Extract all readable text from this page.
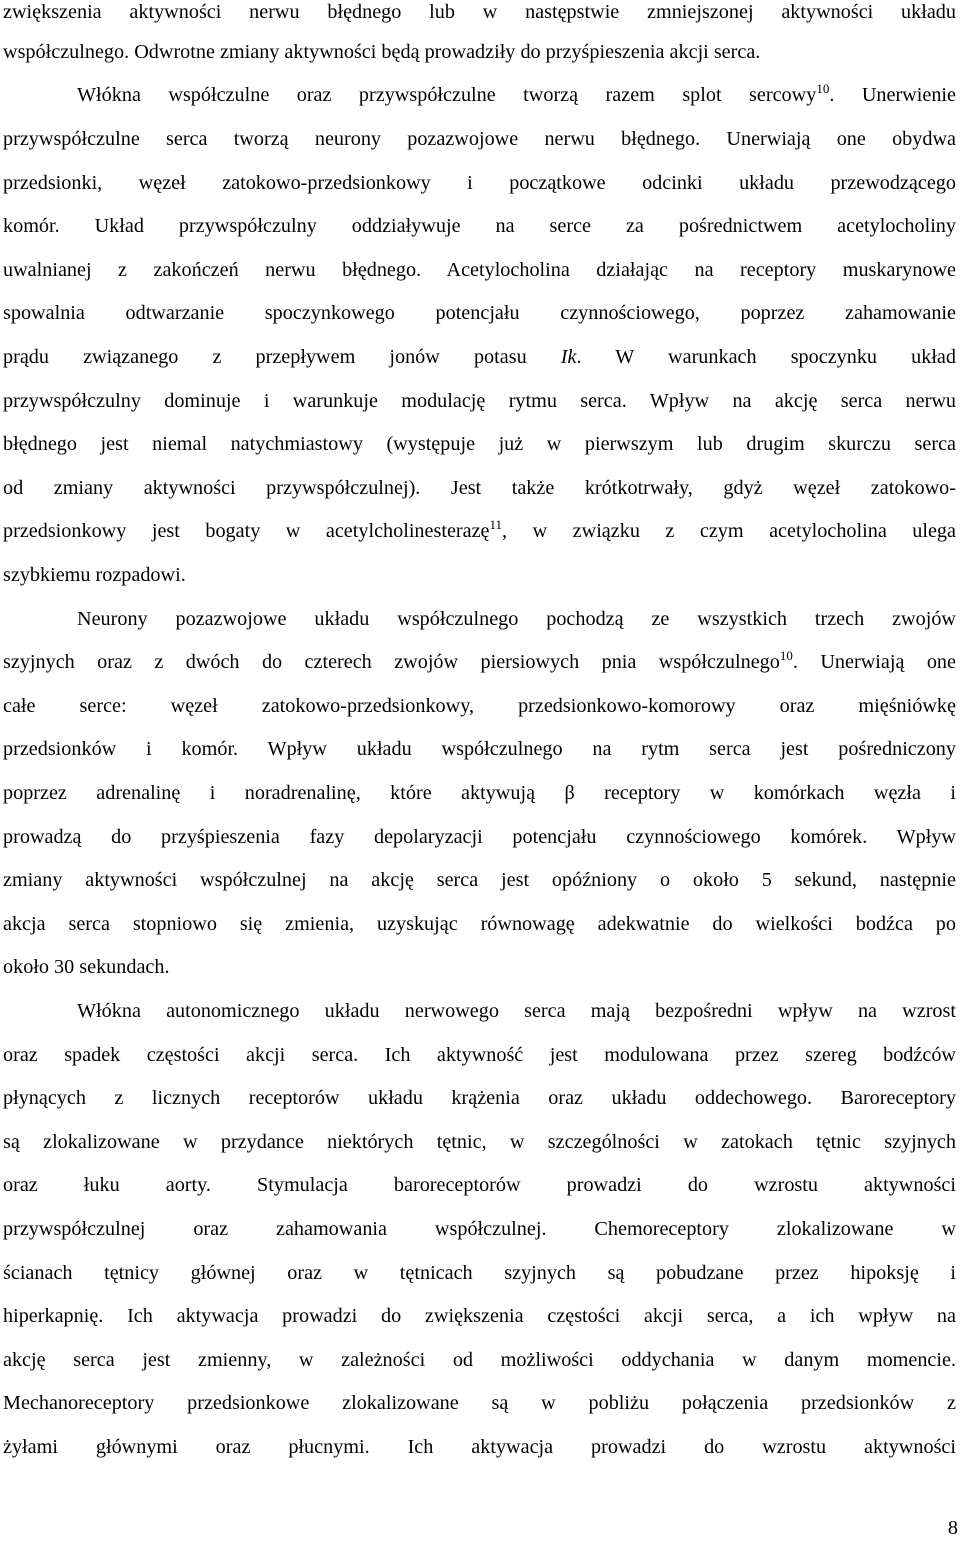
zwiększenia aktywności nerwu błędnego lub w następstwie zmniejszonej aktywności układu
współczulnego. Odwrotne zmiany aktywności będą prowadziły do przyśpieszenia akcji serca.
Włókna współczulne oraz przywspółczulne tworzą razem splot sercowy$^{10}$. Unerwienie
przywspółczulne serca tworzą neurony pozazwojowe nerwu błędnego. Unerwiają one obydwa
przedsionki, węzeł zatokowo-przedsionkowy i początkowe odcinki układu przewodzącego
komór. Układ przywspółczulny oddziaływuje na serce za pośrednictwem acetylocholiny
uwalnianej z zakończeń nerwu błędnego. Acetylocholina działając na receptory muskarynowe
spowalnia odtwarzanie spoczynkowego potencjału czynnościowego, poprzez zahamowanie
prądu związanego z przepływem jonów potasu Ik. W warunkach spoczynku układ
przywspółczulny dominuje i warunkuje modulację rytmu serca. Wpływ na akcję serca nerwu
błędnego jest niemal natychmiastowy (występuje już w pierwszym lub drugim skurczu serca
od zmiany aktywności przywspółczulnej). Jest także krótkotrwały, gdyż węzeł zatokowo-
przedsionkowy jest bogaty w acetylcholinesterazę$^{11}$, w związku z czym acetylocholina ulega
szybkiemu rozpadowi.
Neurony pozazwojowe układu współczulnego pochodzą ze wszystkich trzech zwojów
szyjnych oraz z dwóch do czterech zwojów piersiowych pnia współczulnego$^{10}$. Unerwiają one
całe serce: węzeł zatokowo-przedsionkowy, przedsionkowo-komorowy oraz mięśniówkę
przedsionków i komór. Wpływ układu współczulnego na rytm serca jest pośredniczony
poprzez adrenalinę i noradrenalinę, które aktywują β receptory w komórkach węzła i
prowadzą do przyśpieszenia fazy depolaryzacji potencjału czynnościowego komórek. Wpływ
zmiany aktywności współczulnej na akcję serca jest opóźniony o około 5 sekund, następnie
akcja serca stopniowo się zmienia, uzyskując równowagę adekwatnie do wielkości bodźca po
około 30 sekundach.
Włókna autonomicznego układu nerwowego serca mają bezpośredni wpływ na wzrost
oraz spadek częstości akcji serca. Ich aktywność jest modulowana przez szereg bodźców
płynących z licznych receptorów układu krążenia oraz układu oddechowego. Baroreceptory
są zlokalizowane w przydance niektórych tętnic, w szczególności w zatokach tętnic szyjnych
oraz łuku aorty. Stymulacja baroreceptorów prowadzi do wzrostu aktywności
przywspółczulnej oraz zahamowania współczulnej. Chemoreceptory zlokalizowane w
ścianach tętnicy głównej oraz w tętnicach szyjnych są pobudzane przez hipoksję i
hiperkapnię. Ich aktywacja prowadzi do zwiększenia częstości akcji serca, a ich wpływ na
akcję serca jest zmienny, w zależności od możliwości oddychania w danym momencie.
Mechanoreceptory przedsionkowe zlokalizowane są w pobliżu połączenia przedsionków z
żyłami głównymi oraz płucnymi. Ich aktywacja prowadzi do wzrostu aktywności
8
